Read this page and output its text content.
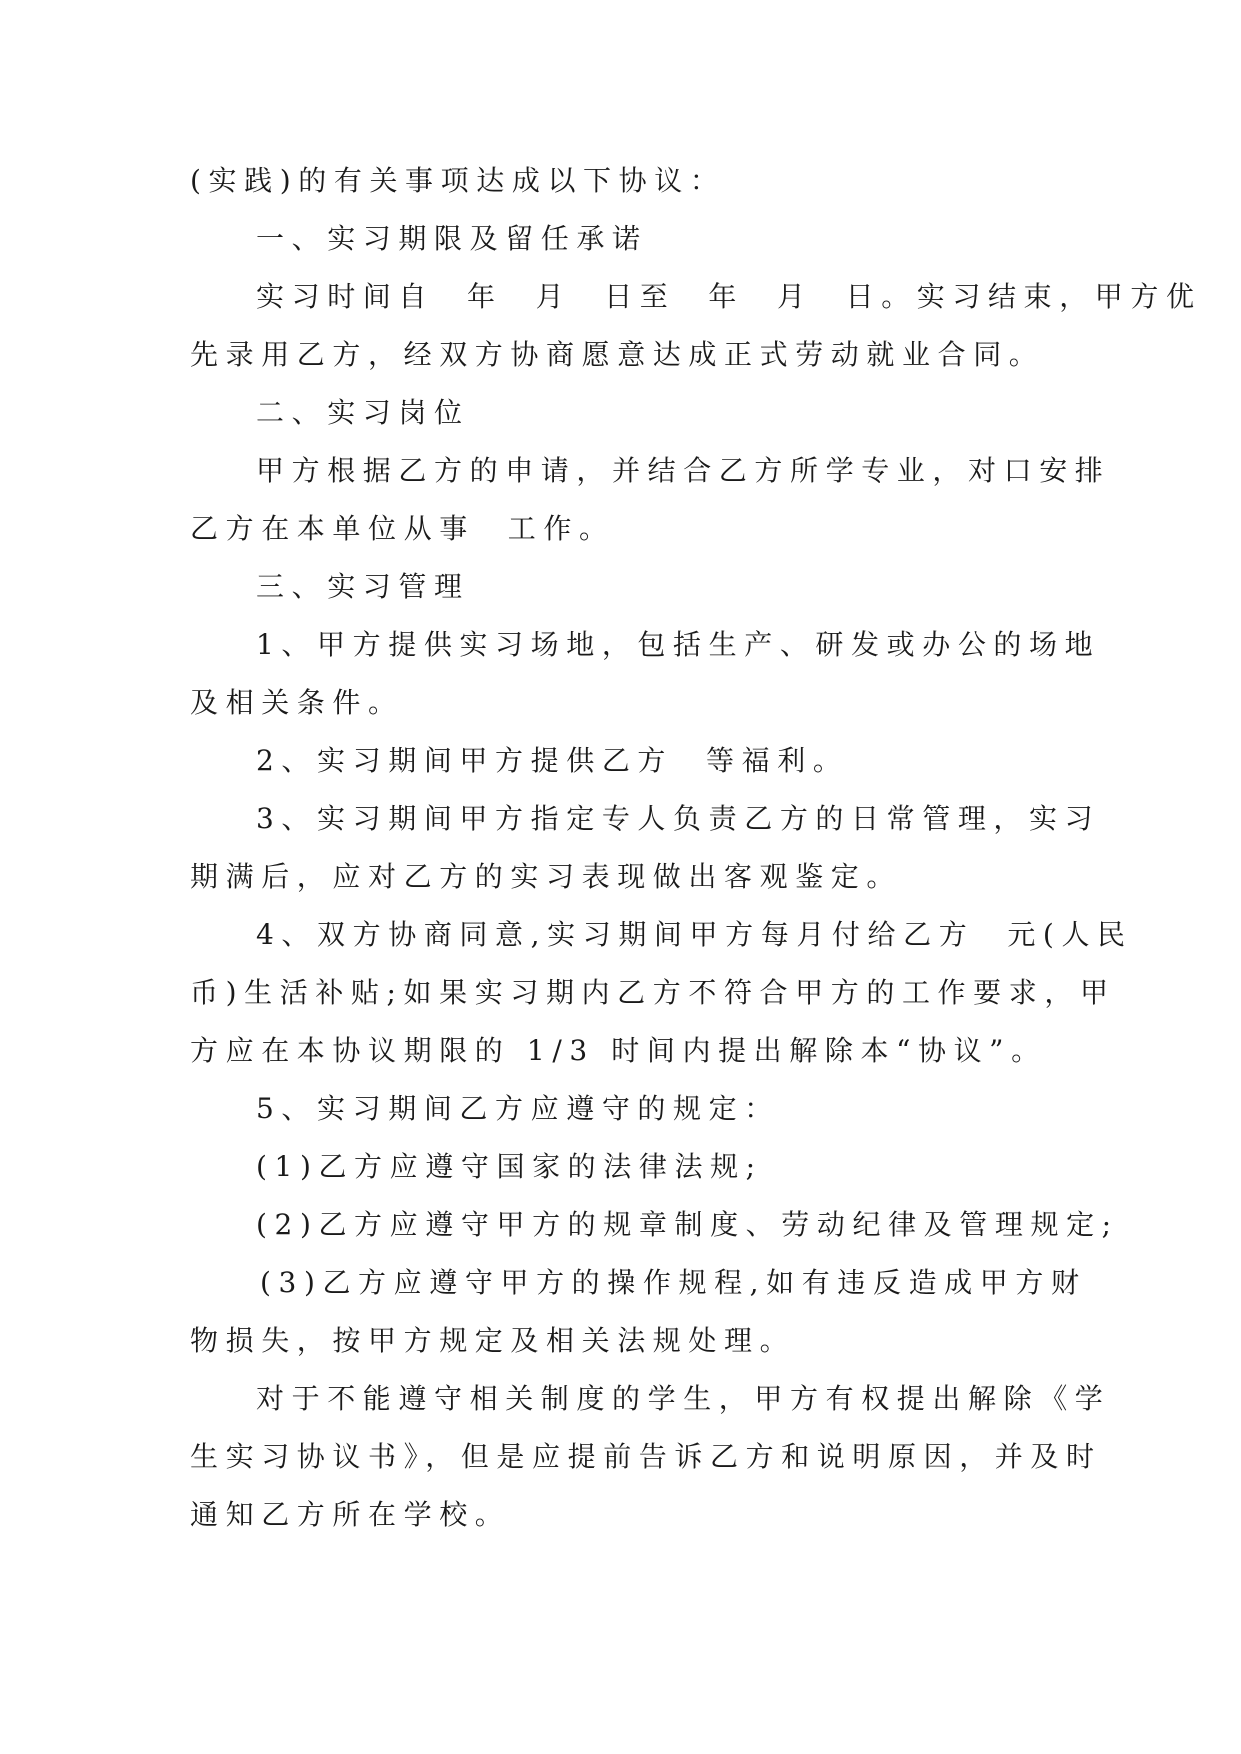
(实践)的有关事项达成以下协议：
一、实习期限及留任承诺
实习时间自  年  月  日至  年  月  日。实习结束，甲方优
先录用乙方，经双方协商愿意达成正式劳动就业合同。
二、实习岗位
甲方根据乙方的申请，并结合乙方所学专业，对口安排
乙方在本单位从事  工作。
三、实习管理
1、甲方提供实习场地，包括生产、研发或办公的场地
及相关条件。
2、实习期间甲方提供乙方  等福利。
3、实习期间甲方指定专人负责乙方的日常管理，实习
期满后，应对乙方的实习表现做出客观鉴定。
4、双方协商同意,实习期间甲方每月付给乙方  元(人民
币)生活补贴;如果实习期内乙方不符合甲方的工作要求，甲
方应在本协议期限的 1/3 时间内提出解除本“协议”。
5、实习期间乙方应遵守的规定：
(1)乙方应遵守国家的法律法规;
(2)乙方应遵守甲方的规章制度、劳动纪律及管理规定;
(3)乙方应遵守甲方的操作规程,如有违反造成甲方财
物损失，按甲方规定及相关法规处理。
对于不能遵守相关制度的学生，甲方有权提出解除《学
生实习协议书》，但是应提前告诉乙方和说明原因，并及时
通知乙方所在学校。
